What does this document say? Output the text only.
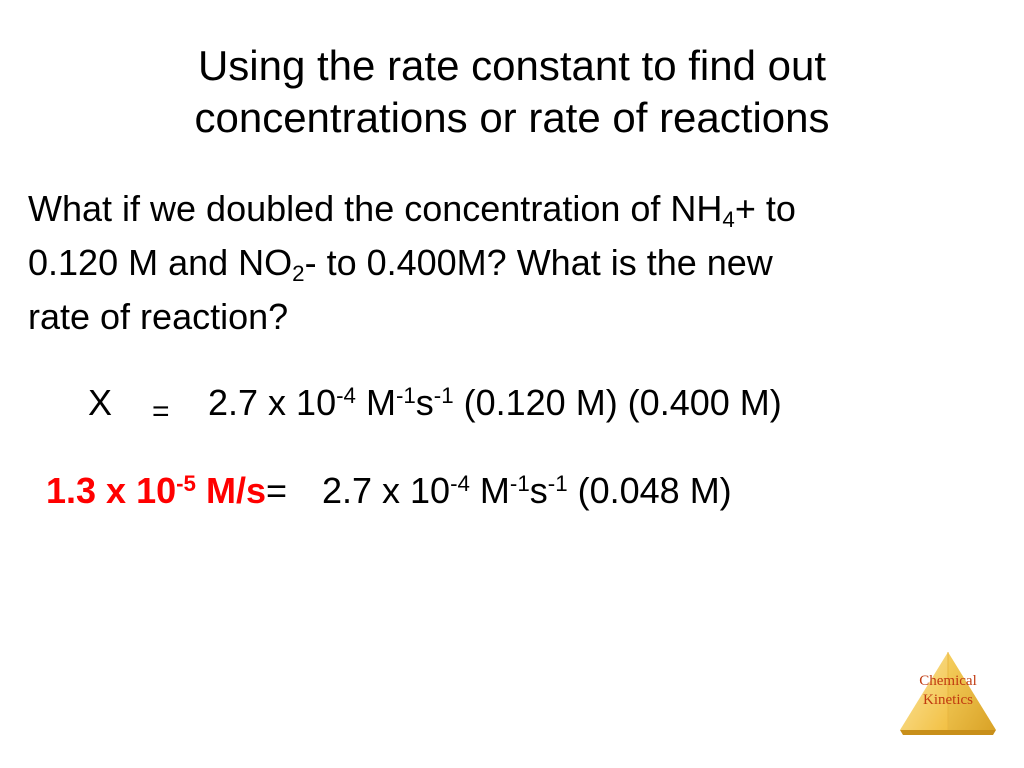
Using the rate constant to find out
concentrations or rate of reactions
What if we doubled the concentration of $NH_4+$ to
0.120 M and $NO_2-$ to 0.400M? What is the new
rate of reaction?
X = 2.7 x $10^{-4}$ $M^{-1}s^{-1}$ (0.120 M) (0.400 M)
1.3 x $10^{-5}$ M/s= 2.7 x $10^{-4}$ $M^{-1}s^{-1}$ (0.048 M)
Chemical
Kinetics
